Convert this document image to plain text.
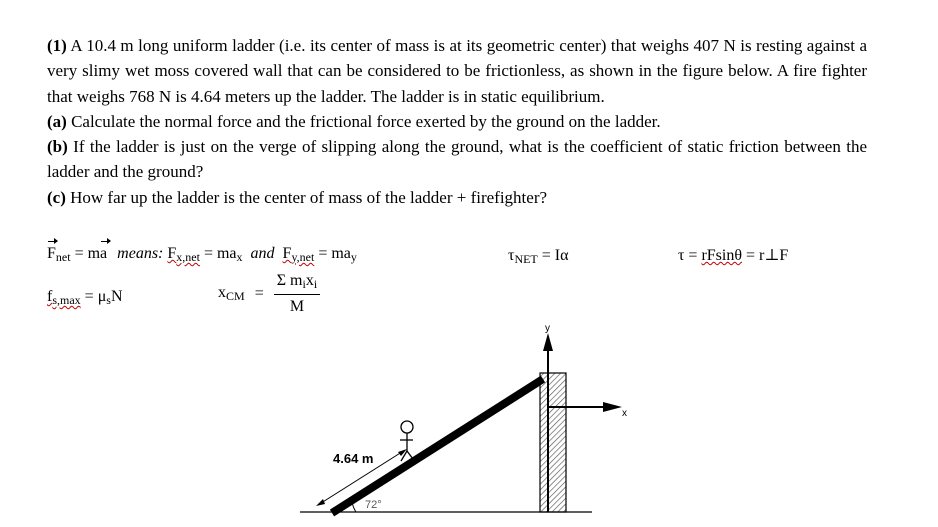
(1) A 10.4 m long uniform ladder (i.e. its center of mass is at its geometric center) that weighs 407 N is resting against a very slimy wet moss covered wall that can be considered to be frictionless, as shown in the figure below. A fire fighter that weighs 768 N is 4.64 meters up the ladder. The ladder is in static equilibrium.

(a) Calculate the normal force and the frictional force exerted by the ground on the ladder.

(b) If the ladder is just on the verge of slipping along the ground, what is the coefficient of static friction between the ladder and the ground?

(c) How far up the ladder is the center of mass of the ladder + firefighter?

$F_{net}$ = ma means: $F_{x,net} = ma_x$ and $F_{y,net} = ma_y$	$\tau_{NET} = I\alpha$	τ = rFsinθ = r⊥F
$f_{s,max} = \mu_sN$	$x_{CM} = \frac{\Sigma m_ix_i}{M}$
y
x
4.64 m
72°
